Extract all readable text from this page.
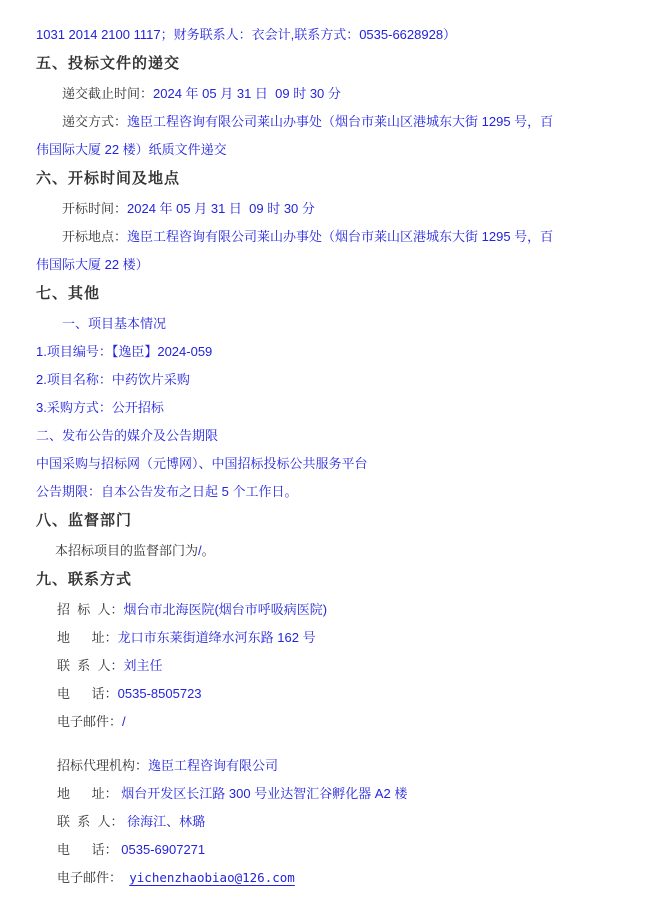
1031 2014 2100 1117；财务联系人：衣会计,联系方式：0535-6628928）
五、投标文件的递交
递交截止时间：2024 年 05 月 31 日  09 时 30 分
递交方式：逸臣工程咨询有限公司莱山办事处（烟台市莱山区港城东大街 1295 号，百
伟国际大厦 22 楼）纸质文件递交
六、开标时间及地点
开标时间：2024 年 05 月 31 日  09 时 30 分
开标地点：逸臣工程咨询有限公司莱山办事处（烟台市莱山区港城东大街 1295 号，百
伟国际大厦 22 楼）
七、其他
一、项目基本情况
1.项目编号：【逸臣】2024-059
2.项目名称：中药饮片采购
3.采购方式：公开招标
二、发布公告的媒介及公告期限
中国采购与招标网（元博网）、中国招标投标公共服务平台
公告期限：自本公告发布之日起 5 个工作日。
八、监督部门
本招标项目的监督部门为/。
九、联系方式
招  标  人：烟台市北海医院(烟台市呼吸病医院)
地      址：龙口市东莱街道绛水河东路 162 号
联  系  人：刘主任
电      话：0535-8505723
电子邮件：/
招标代理机构：逸臣工程咨询有限公司
地      址： 烟台开发区长江路 300 号业达智汇谷孵化器 A2 楼
联  系  人： 徐海江、林璐
电      话： 0535-6907271
电子邮件： yichenzhaobiao@126.com
